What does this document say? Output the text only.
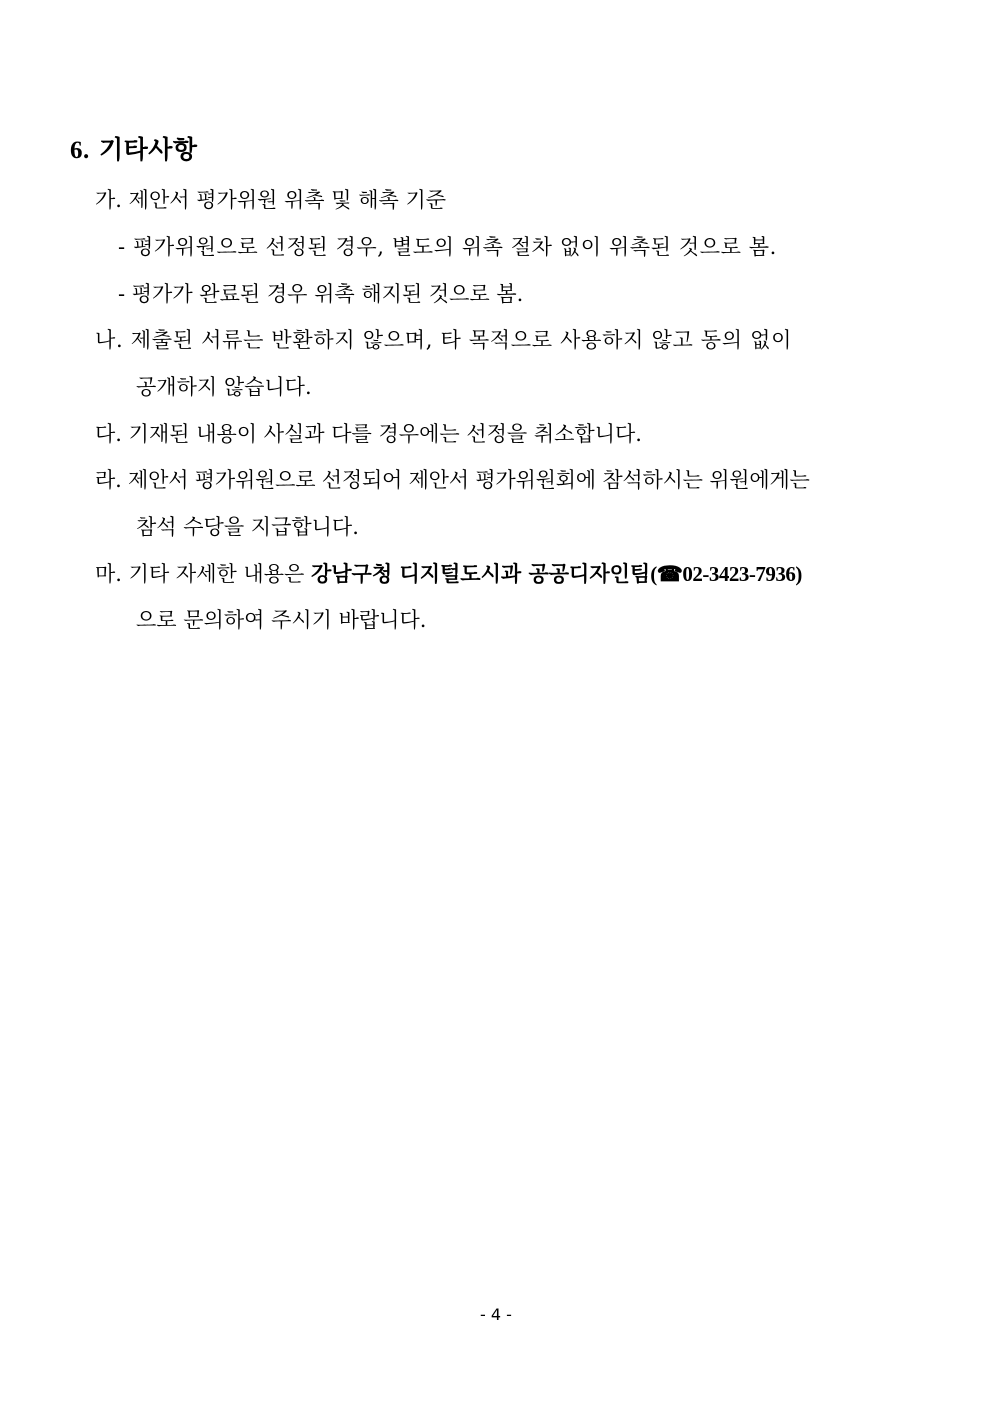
6. 기타사항
가. 제안서 평가위원 위촉 및 해촉 기준
- 평가위원으로 선정된 경우, 별도의 위촉 절차 없이 위촉된 것으로 봄.
- 평가가 완료된 경우 위촉 해지된 것으로 봄.
나. 제출된 서류는 반환하지 않으며, 타 목적으로 사용하지 않고 동의 없이
공개하지 않습니다.
다. 기재된 내용이 사실과 다를 경우에는 선정을 취소합니다.
라. 제안서 평가위원으로 선정되어 제안서 평가위원회에 참석하시는 위원에게는
참석 수당을 지급합니다.
마. 기타 자세한 내용은 강남구청 디지털도시과 공공디자인팀(☎02-3423-7936)
으로 문의하여 주시기 바랍니다.
- 4 -
